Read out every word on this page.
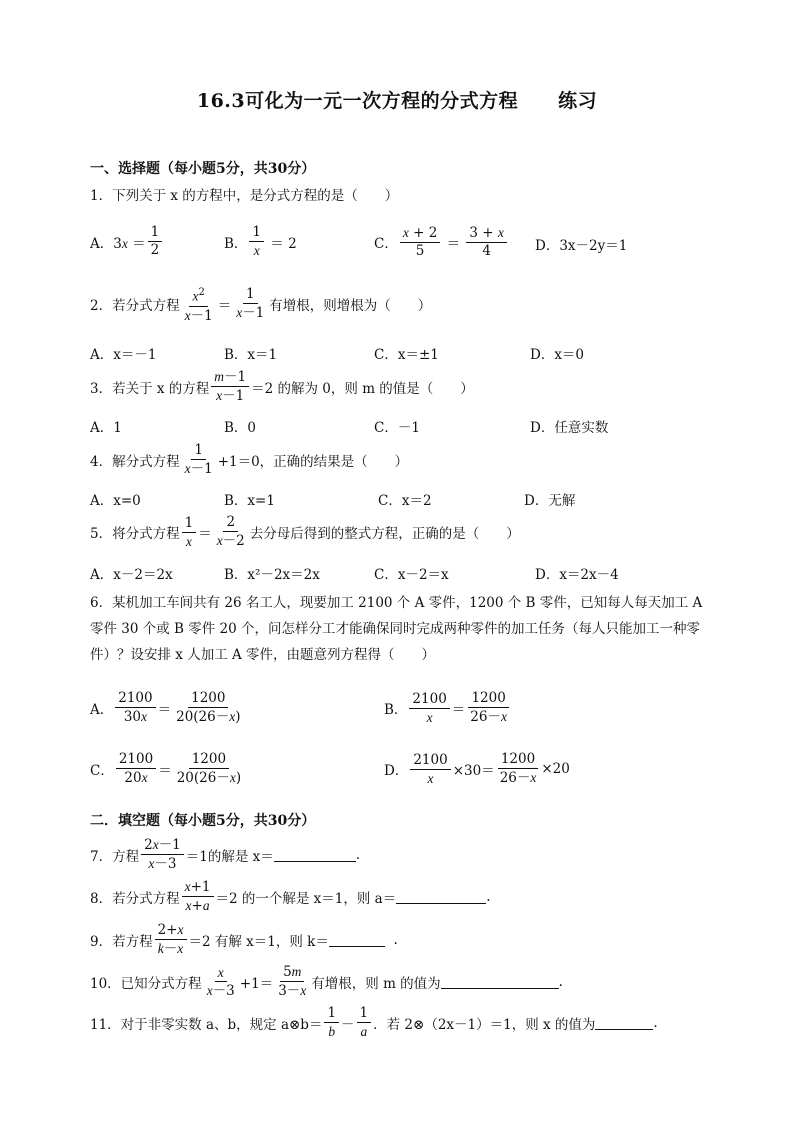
16.3可化为一元一次方程的分式方程 练习
一、选择题（每小题5分，共30分）
1．下列关于 x 的方程中，是分式方程的是（　　）
A． $3x = \frac{1}{2}$	B． $\frac{1}{x} = 2$	C． $\frac{x + 2}{5} = \frac{3 + x}{4}$ D．3x－2y＝1
2．若分式方程 $\frac{x^2}{x-1} = \frac{1}{x-1}$ 有增根，则增根为（　　）
A．x＝－1	B．x＝1	C．x＝±1	D．x＝0
3．若关于 x 的方程 $\frac{m-1}{x-1} =2$ 的解为 0，则 m 的值是（　　）
A．1	B．0	C．－1	D．任意实数
4．解分式方程 $\frac{1}{x-1} +1=0$，正确的结果是（　　）
A．x=0	B．x=1	C．x＝2	D．无解
5．将分式方程 $\frac{1}{x} = \frac{2}{x-2}$ 去分母后得到的整式方程，正确的是（　　）
A．x－2＝2x	B．x²－2x＝2x	C．x－2＝x	D．x＝2x－4
6．某机加工车间共有 26 名工人，现要加工 2100 个 A 零件，1200 个 B 零件，已知每人每天加工 A 零件 30 个或 B 零件 20 个，问怎样分工才能确保同时完成两种零件的加工任务（每人只能加工一种零件）？设安排 x 人加工 A 零件，由题意列方程得（　　）
A． $\frac{2100}{30x} = \frac{1200}{20(26-x)}$	B． $\frac{2100}{x} = \frac{1200}{26-x}$
C． $\frac{2100}{20x} = \frac{1200}{20(26-x)}$	D． $\frac{2100}{x} \times 30= \frac{1200}{26-x} \times 20$
二．填空题（每小题5分，共30分）
7．方程 $\frac{2x-1}{x-3} =1$的解是 x＝	.
8．若分式方程 $\frac{x+1}{x+a} =2$ 的一个解是 x＝1，则 a＝	.
9．若方程 $\frac{2+x}{k-x} =2$ 有解 x＝1，则 k＝
	.
10．已知分式方程 $\frac{x}{x-3} +1= \frac{5m}{3-x}$ 有增根，则 m 的值为	.
11．对于非零实数 a、b，规定 a⊗b＝ $\frac{1}{b} - \frac{1}{a}$ ．若 2⊗（2x－1）＝1，则 x 的值为	.
